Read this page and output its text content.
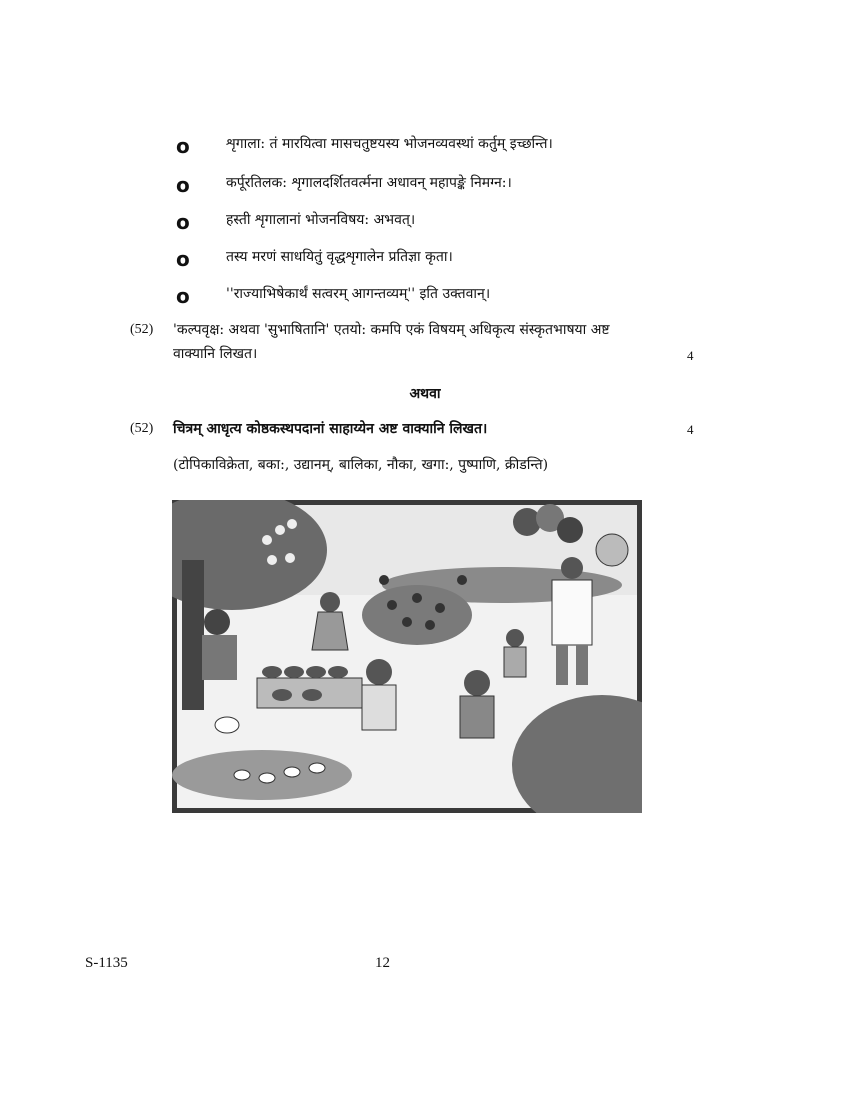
o	शृगाला: तं मारयित्वा मासचतुष्टयस्य भोजनव्यवस्थां कर्तुम् इच्छन्ति।
o	कर्पूरतिलक: शृगालदर्शितवर्त्मना अधावन् महापङ्के निमग्न:।
o	हस्ती शृगालानां भोजनविषय: अभवत्।
o	तस्य मरणं साधयितुं वृद्धशृगालेन प्रतिज्ञा कृता।
o	''राज्याभिषेकार्थं सत्वरम् आगन्तव्यम्'' इति उक्तवान्।
(52) 'कल्पवृक्ष: अथवा 'सुभाषितानि' एतयो: कमपि एकं विषयम् अधिकृत्य संस्कृतभाषया अष्ट
वाक्यानि लिखत।	4
अथवा
(52) चित्रम् आधृत्य कोष्ठकस्थपदानां साहाय्येन अष्ट वाक्यानि लिखत।	4
(टोपिकाविक्रेता, बका:, उद्यानम्, बालिका, नौका, खगा:, पुष्पाणि, क्रीडन्ति)
S-1135	12
